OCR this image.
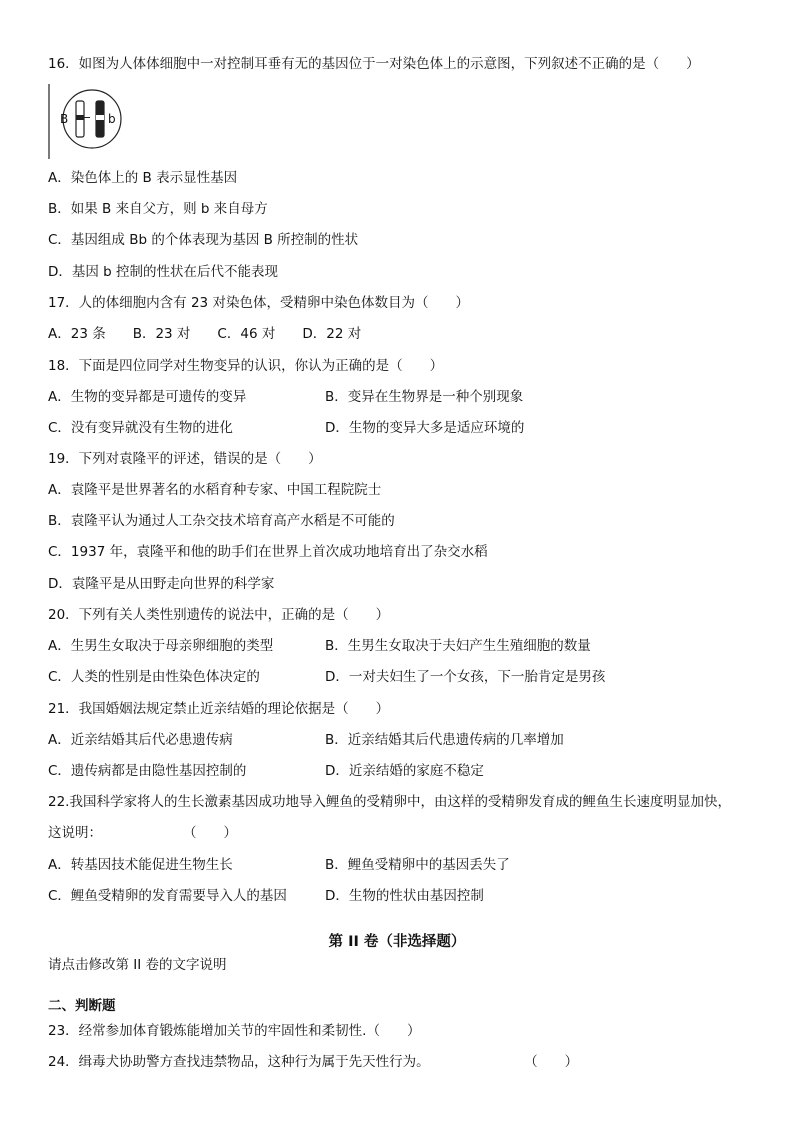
16．如图为人体体细胞中一对控制耳垂有无的基因位于一对染色体上的示意图，下列叙述不正确的是（　　）
B	b
A．染色体上的 B 表示显性基因
B．如果 B 来自父方，则 b 来自母方
C．基因组成 Bb 的个体表现为基因 B 所控制的性状
D．基因 b 控制的性状在后代不能表现
17．人的体细胞内含有 23 对染色体，受精卵中染色体数目为（　　）
A．23 条　　B．23 对　　C．46 对　　D．22 对
18．下面是四位同学对生物变异的认识，你认为正确的是（　　）
A．生物的变异都是可遗传的变异	B．变异在生物界是一种个别现象
C．没有变异就没有生物的进化	D．生物的变异大多是适应环境的
19．下列对袁隆平的评述，错误的是（　　）
A．袁隆平是世界著名的水稻育种专家、中国工程院院士
B．袁隆平认为通过人工杂交技术培育高产水稻是不可能的
C．1937 年，袁隆平和他的助手们在世界上首次成功地培育出了杂交水稻
D．袁隆平是从田野走向世界的科学家
20．下列有关人类性别遗传的说法中，正确的是（　　）
A．生男生女取决于母亲卵细胞的类型	B．生男生女取决于夫妇产生生殖细胞的数量
C．人类的性别是由性染色体决定的	D．一对夫妇生了一个女孩，下一胎肯定是男孩
21．我国婚姻法规定禁止近亲结婚的理论依据是（　　）
A．近亲结婚其后代必患遗传病	B．近亲结婚其后代患遗传病的几率增加
C．遗传病都是由隐性基因控制的	D．近亲结婚的家庭不稳定
22.我国科学家将人的生长激素基因成功地导入鲤鱼的受精卵中，由这样的受精卵发育成的鲤鱼生长速度明显加快，
这说明：　　　　　　　（　　）
A．转基因技术能促进生物生长	B．鲤鱼受精卵中的基因丢失了
C．鲤鱼受精卵的发育需要导入人的基因	D．生物的性状由基因控制
第 II 卷（非选择题）
请点击修改第 II 卷的文字说明
二、判断题
23．经常参加体育锻炼能增加关节的牢固性和柔韧性.（　　）
24．缉毒犬协助警方查找违禁物品，这种行为属于先天性行为。　　　　　　　　（　　）
